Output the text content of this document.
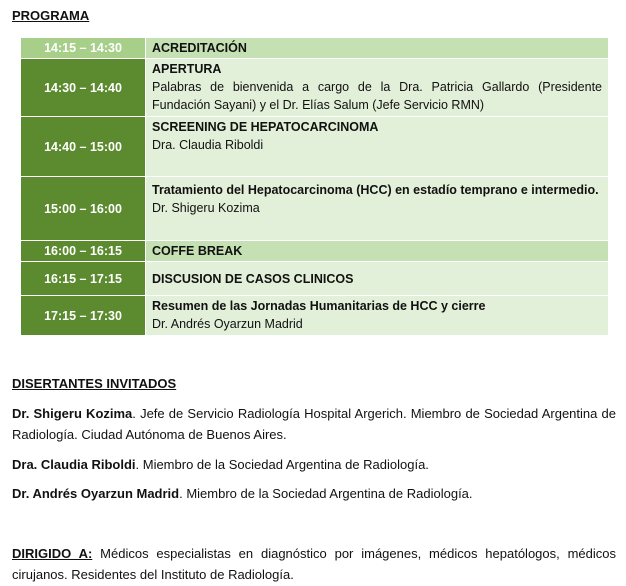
PROGRAMA
14:15 – 14:30	ACREDITACIÓN
14:30 – 14:40	APERTURA
Palabras de bienvenida a cargo de la Dra. Patricia Gallardo (Presidente Fundación Sayani) y el Dr. Elías Salum (Jefe Servicio RMN)

14:40 – 15:00	SCREENING DE HEPATOCARCINOMA
Dra. Claudia Riboldi

15:00 – 16:00	Tratamiento del Hepatocarcinoma (HCC) en estadío temprano e intermedio.
Dr. Shigeru Kozima

16:00 – 16:15	COFFE BREAK
16:15 – 17:15	DISCUSION DE CASOS CLINICOS
17:15 – 17:30	Resumen de las Jornadas Humanitarias de HCC y cierre
Dr. Andrés Oyarzun Madrid
DISERTANTES INVITADOS
Dr. Shigeru Kozima. Jefe de Servicio Radiología Hospital Argerich. Miembro de Sociedad Argentina de Radiología. Ciudad Autónoma de Buenos Aires.
Dra. Claudia Riboldi. Miembro de la Sociedad Argentina de Radiología.
Dr. Andrés Oyarzun Madrid. Miembro de la Sociedad Argentina de Radiología.
DIRIGIDO A: Médicos especialistas en diagnóstico por imágenes, médicos hepatólogos, médicos cirujanos. Residentes del Instituto de Radiología.
